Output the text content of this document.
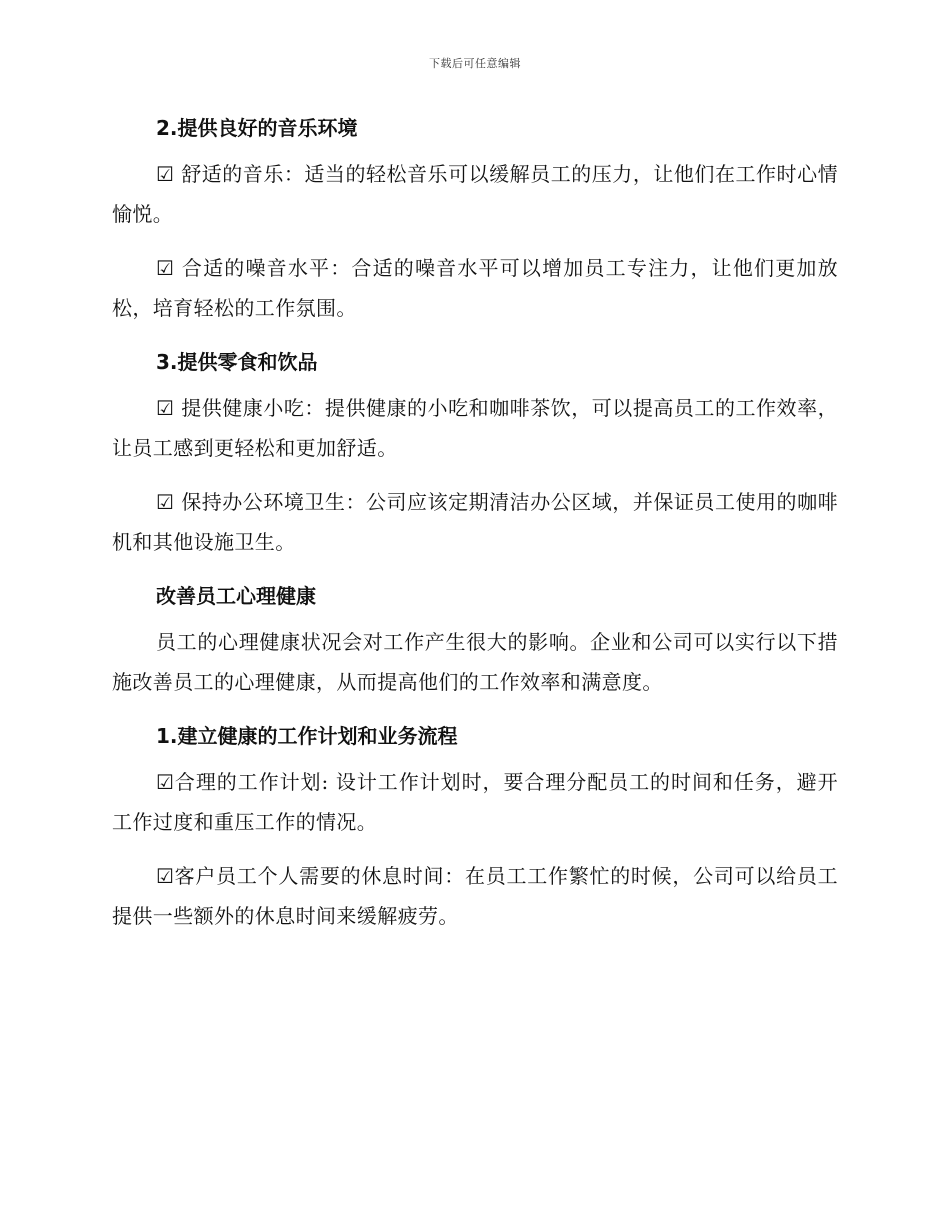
下载后可任意编辑
2.提供良好的音乐环境

☑ 舒适的音乐：适当的轻松音乐可以缓解员工的压力，让他们在工作时心情愉悦。

☑ 合适的噪音水平：合适的噪音水平可以增加员工专注力，让他们更加放松，培育轻松的工作氛围。

3.提供零食和饮品

☑ 提供健康小吃：提供健康的小吃和咖啡茶饮，可以提高员工的工作效率，让员工感到更轻松和更加舒适。

☑ 保持办公环境卫生：公司应该定期清洁办公区域，并保证员工使用的咖啡机和其他设施卫生。

改善员工心理健康

员工的心理健康状况会对工作产生很大的影响。企业和公司可以实行以下措施改善员工的心理健康，从而提高他们的工作效率和满意度。

1.建立健康的工作计划和业务流程

☑合理的工作计划: 设计工作计划时，要合理分配员工的时间和任务，避开工作过度和重压工作的情况。

☑客户员工个人需要的休息时间：在员工工作繁忙的时候，公司可以给员工提供一些额外的休息时间来缓解疲劳。
